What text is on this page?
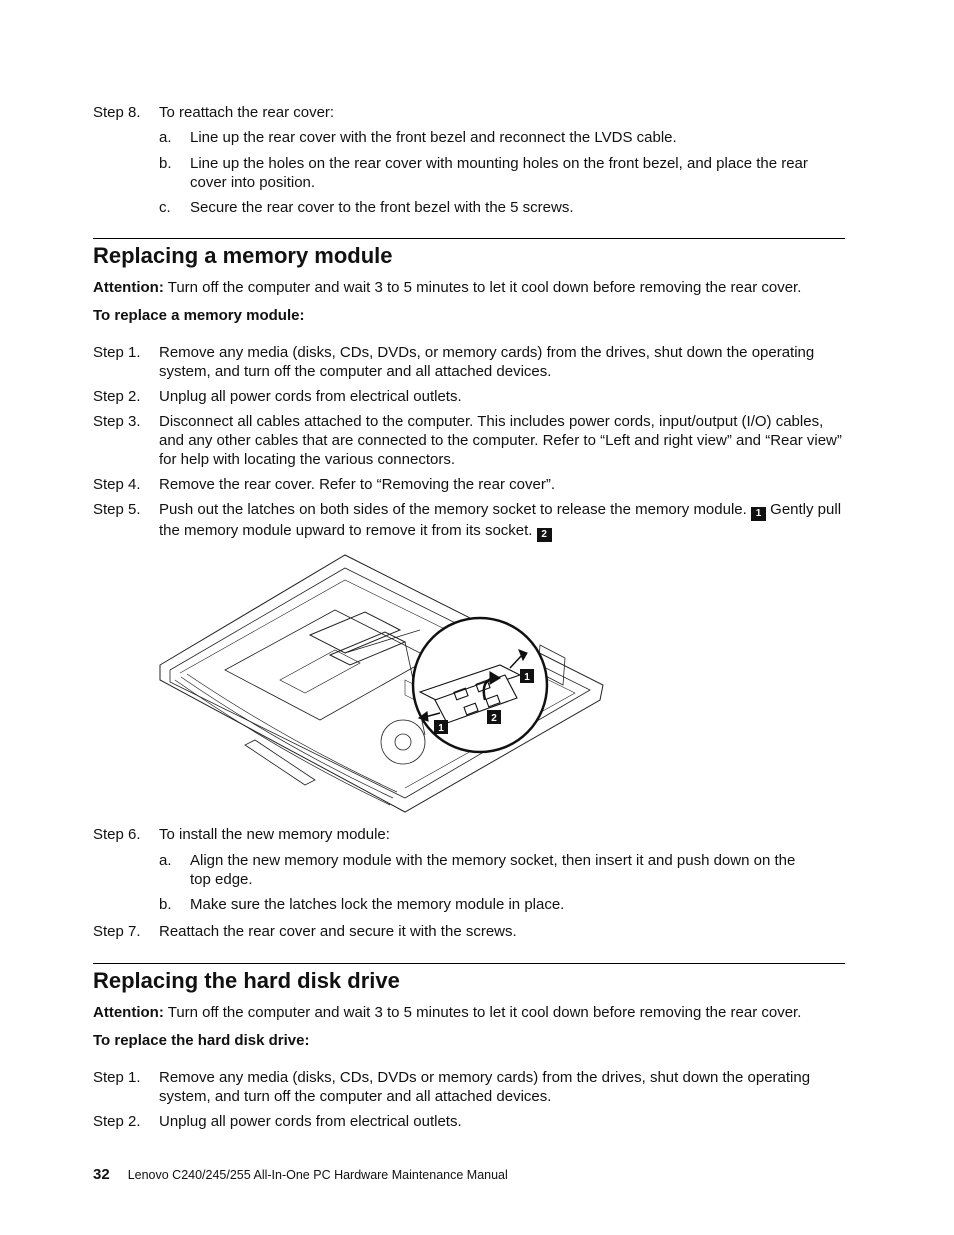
Step 8. To reattach the rear cover:
a. Line up the rear cover with the front bezel and reconnect the LVDS cable.
b. Line up the holes on the rear cover with mounting holes on the front bezel, and place the rear cover into position.
c. Secure the rear cover to the front bezel with the 5 screws.
Replacing a memory module
Attention: Turn off the computer and wait 3 to 5 minutes to let it cool down before removing the rear cover.
To replace a memory module:
Step 1. Remove any media (disks, CDs, DVDs, or memory cards) from the drives, shut down the operating system, and turn off the computer and all attached devices.
Step 2. Unplug all power cords from electrical outlets.
Step 3. Disconnect all cables attached to the computer. This includes power cords, input/output (I/O) cables, and any other cables that are connected to the computer. Refer to “Left and right view” and “Rear view” for help with locating the various connectors.
Step 4. Remove the rear cover. Refer to “Removing the rear cover”.
Step 5. Push out the latches on both sides of the memory socket to release the memory module. 1 Gently pull the memory module upward to remove it from its socket. 2
Step 6. To install the new memory module:
a. Align the new memory module with the memory socket, then insert it and push down on the top edge.
b. Make sure the latches lock the memory module in place.
Step 7. Reattach the rear cover and secure it with the screws.
Replacing the hard disk drive
Attention: Turn off the computer and wait 3 to 5 minutes to let it cool down before removing the rear cover.
To replace the hard disk drive:
Step 1. Remove any media (disks, CDs, DVDs or memory cards) from the drives, shut down the operating system, and turn off the computer and all attached devices.
Step 2. Unplug all power cords from electrical outlets.
32 Lenovo C240/245/255 All-In-One PC Hardware Maintenance Manual
1
1
2
